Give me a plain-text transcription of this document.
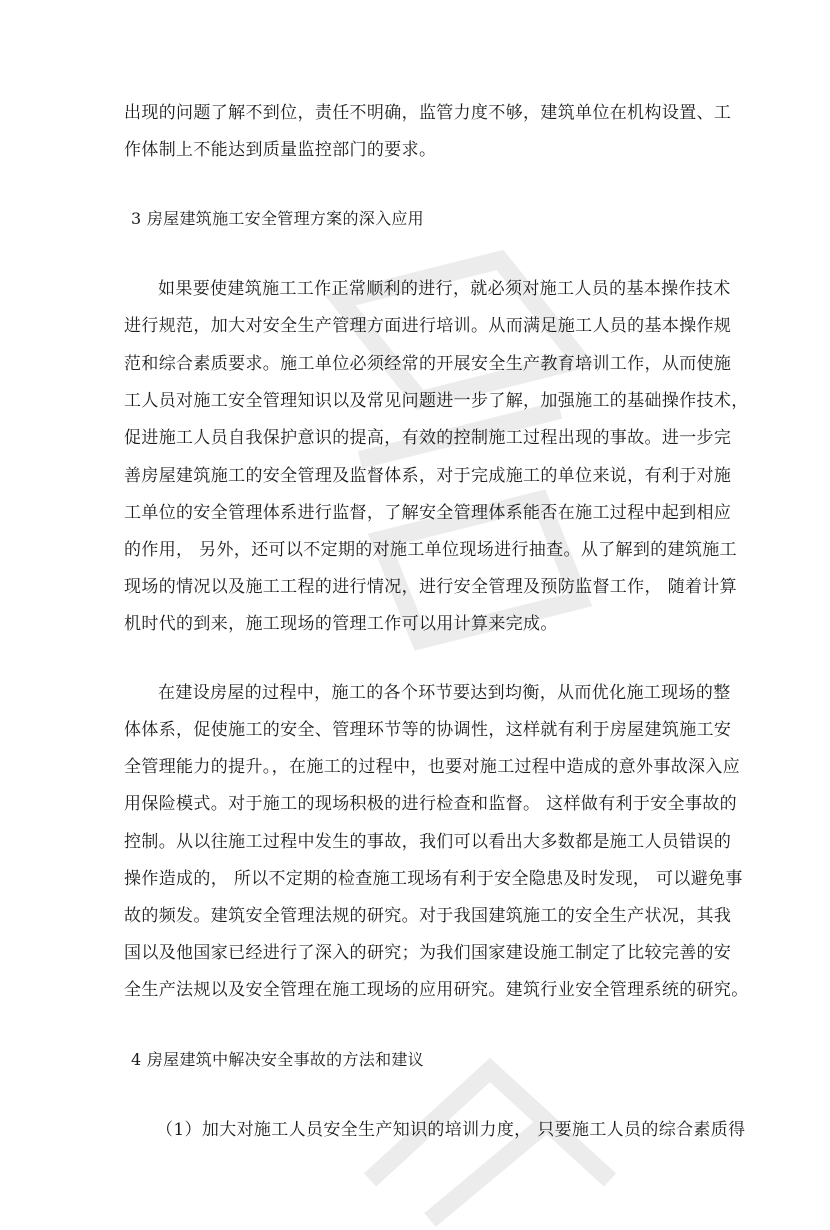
出现的问题了解不到位，责任不明确，监管力度不够，建筑单位在机构设置、工
作体制上不能达到质量监控部门的要求。
3 房屋建筑施工安全管理方案的深入应用
如果要使建筑施工工作正常顺利的进行，就必须对施工人员的基本操作技术
进行规范，加大对安全生产管理方面进行培训。从而满足施工人员的基本操作规
范和综合素质要求。施工单位必须经常的开展安全生产教育培训工作，从而使施
工人员对施工安全管理知识以及常见问题进一步了解，加强施工的基础操作技术，
促进施工人员自我保护意识的提高，有效的控制施工过程出现的事故。进一步完
善房屋建筑施工的安全管理及监督体系，对于完成施工的单位来说，有利于对施
工单位的安全管理体系进行监督，了解安全管理体系能否在施工过程中起到相应
的作用， 另外，还可以不定期的对施工单位现场进行抽查。从了解到的建筑施工
现场的情况以及施工工程的进行情况，进行安全管理及预防监督工作， 随着计算
机时代的到来，施工现场的管理工作可以用计算来完成。
在建设房屋的过程中，施工的各个环节要达到均衡，从而优化施工现场的整
体体系，促使施工的安全、管理环节等的协调性，这样就有利于房屋建筑施工安
全管理能力的提升。，在施工的过程中，也要对施工过程中造成的意外事故深入应
用保险模式。对于施工的现场积极的进行检查和监督。 这样做有利于安全事故的
控制。从以往施工过程中发生的事故，我们可以看出大多数都是施工人员错误的
操作造成的， 所以不定期的检查施工现场有利于安全隐患及时发现， 可以避免事
故的频发。建筑安全管理法规的研究。对于我国建筑施工的安全生产状况，其我
国以及他国家已经进行了深入的研究；为我们国家建设施工制定了比较完善的安
全生产法规以及安全管理在施工现场的应用研究。建筑行业安全管理系统的研究。
4 房屋建筑中解决安全事故的方法和建议
（1）加大对施工人员安全生产知识的培训力度， 只要施工人员的综合素质得
